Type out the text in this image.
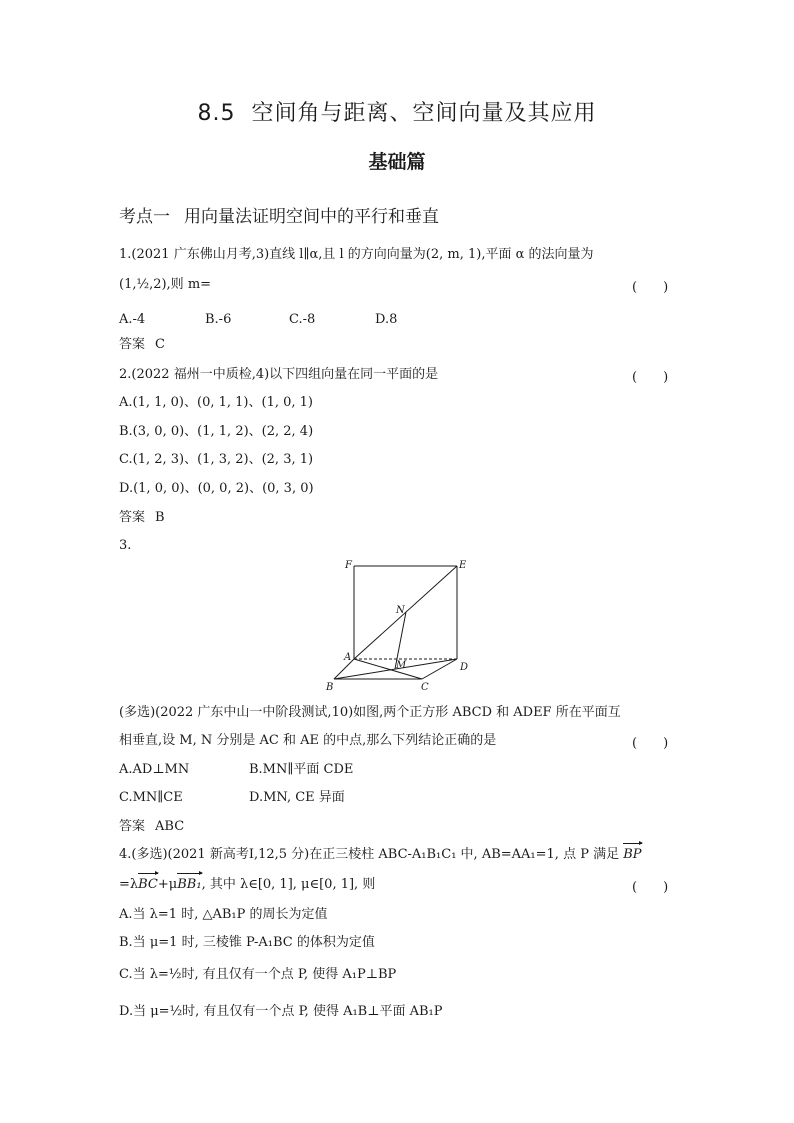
8.5 空间角与距离、空间向量及其应用
基础篇
考点一 用向量法证明空间中的平行和垂直
1.(2021 广东佛山月考,3)直线 l∥α,且 l 的方向向量为(2, m, 1),平面 α 的法向量为
(1,½,2),则 m=	(　　)
A.-4	B.-6	C.-8	D.8
答案 C
2.(2022 福州一中质检,4)以下四组向量在同一平面的是	(　　)
A.(1, 1, 0)、(0, 1, 1)、(1, 0, 1)
B.(3, 0, 0)、(1, 1, 2)、(2, 2, 4)
C.(1, 2, 3)、(1, 3, 2)、(2, 3, 1)
D.(1, 0, 0)、(0, 0, 2)、(0, 3, 0)
答案 B
3.
F	E
N
A
M	D
B	C
(多选)(2022 广东中山一中阶段测试,10)如图,两个正方形 ABCD 和 ADEF 所在平面互
相垂直,设 M, N 分别是 AC 和 AE 的中点,那么下列结论正确的是	(　　)
A.AD⊥MN	B.MN∥平面 CDE
C.MN∥CE	D.MN, CE 异面
答案 ABC
4.(多选)(2021 新高考Ⅰ,12,5 分)在正三棱柱 ABC-A₁B₁C₁ 中, AB=AA₁=1, 点 P 满足 BP
=λBC+μBB₁, 其中 λ∈[0, 1], μ∈[0, 1], 则	(　　)
A.当 λ=1 时, △AB₁P 的周长为定值
B.当 μ=1 时, 三棱锥 P-A₁BC 的体积为定值
C.当 λ=½时, 有且仅有一个点 P, 使得 A₁P⊥BP
D.当 μ=½时, 有且仅有一个点 P, 使得 A₁B⊥平面 AB₁P
